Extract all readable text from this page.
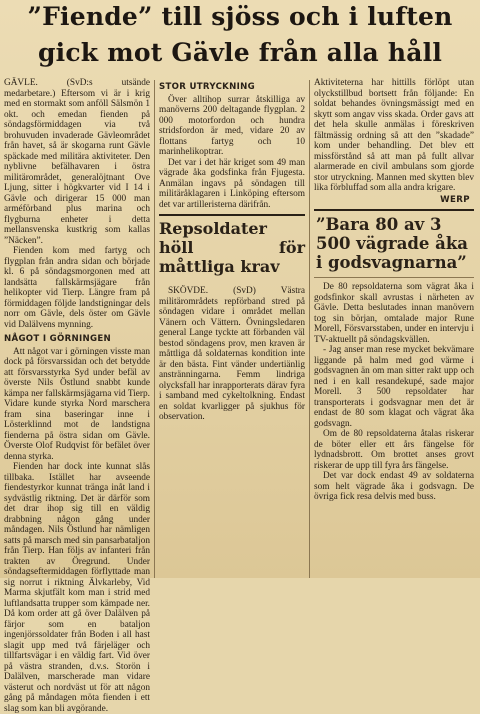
”Fiende” till sjöss och i luften
gick mot Gävle från alla håll

GÄVLE. (SvD:s utsände medarbetare.) Eftersom vi är i krig med en stormakt som anföll Sälsmön 1 okt. och emedan fienden på söndagsförmiddagen via två brohuvuden invaderade Gävleområdet från havet, så är skogarna runt Gävle späckade med militära aktiviteter. Den nyblivne befälhavaren i östra militärområdet, generalöjtnant Ove Ljung, sitter i högkvarter vid I 14 i Gävle och dirigerar 15 000 man arméförband plus marina och flygburna enheter i detta mellansvenska kustkrig som kallas ”Näcken”.

Fienden kom med fartyg och flygplan från andra sidan och började kl. 6 på söndagsmorgonen med att landsätta fallskärmsjägare från helikopter vid Tierp. Längre fram på förmiddagen följde landstigningar dels norr om Gävle, dels öster om Gävle vid Dalälvens mynning.

NÅGOT I GÖRNINGEN

Att något var i görningen visste man dock på försvarssidan och det betydde att försvarsstyrka Syd under befäl av överste Nils Östlund snabbt kunde kämpa ner fallskärmsjägarna vid Tierp. Vidare kunde styrka Nord marschera fram sina baseringar inne i Lösterklinnd mot de landstigna fienderna på östra sidan om Gävle. Överste Olof Rudqvist för befälet över denna styrka.

Fienden har dock inte kunnat slås tillbaka. Istället har avseende fiendestyrkor kunnat tränga inåt land i sydvästlig riktning. Det är därför som det drar ihop sig till en väldig drabbning någon gång under måndagen. Nils Östlund har nämligen satts på marsch med sin pansarbataljon från Tierp. Han följs av infanteri från trakten av Öregrund. Under söndagseftermiddagen förflyttade man sig norrut i riktning Älvkarleby, Vid Marma skjutfält kom man i strid med luftlandsatta trupper som kämpade ner. Då kom order att gå över Dalälven på färjor som en bataljon ingenjörssoldater från Boden i all hast slagit upp med två färjeläger och tillfartsvägar i en väldig fart. Vid över på västra stranden, d.v.s. Storön i Dalälven, marscherade man vidare västerut och nordväst ut för att någon gång på måndagen möta fienden i ett slag som kan bli avgörande.

STOR UTRYCKNING

Över alltihop surrar åtskilliga av manöverns 200 deltagande flygplan. 2 000 motorfordon och hundra stridsfordon är med, vidare 20 av flottans fartyg och 10 marinhelikoptrar.

Det var i det här kriget som 49 man vägrade åka godsfinka från Fjugesta. Anmälan ingavs på söndagen till militäråklagaren i Linköping eftersom det var artilleristerna därifrån.

Repsoldater höll för måttliga krav

SKÖVDE. (SvD) Västra militärområdets repförband stred på söndagen vidare i området mellan Vänern och Vättern. Övningsledaren general Lange tyckte att förbanden väl bestod söndagens prov, men kraven är måttliga då soldaternas kondition inte är den bästa. Fint vänder undertiänlig anstränningarna. Femm lindriga olycksfall har inrapporterats därav fyra i samband med cykeltolkning. Endast en soldat kvarligger på sjukhus för observation.

Aktiviteterna har hittills förlöpt utan olyckstillbud bortsett från följande: En soldat behandes övningsmässigt med en skytt som angav viss skada. Order gavs att det hela skulle anmälas i föreskriven fältmässig ordning så att den ”skadade” kom under behandling. Det blev ett missförstånd så att man på fullt allvar alarmerade en civil ambulans som gjorde stor utryckning. Mannen med skytten blev lika förbluffad som alla andra krigare.

WERP
”Bara 80 av 3 500 vägrade åka i godsvagnarna”

De 80 repsoldaterna som vägrat åka i godsfinkor skall avrustas i närheten av Gävle. Detta beslutades innan manövern tog sin början, omtalade major Rune Morell, Försvarsstaben, under en intervju i TV-aktuellt på söndagskvällen.

- Jag anser man rese mycket bekvämare liggande på halm med god värme i godsvagnen än om man sitter rakt upp och ned i en kall resandekupé, sade major Morell. 3 500 repsoldater har transporterats i godsvagnar men det är endast de 80 som klagat och vägrat åka godsvagn.

Om de 80 repsoldaterna åtalas riskerar de böter eller ett års fängelse för lydnadsbrott. Om brottet anses grovt riskerar de upp till fyra års fängelse.

Det var dock endast 49 av soldaterna som helt vägrade åka i godsvagn. De övriga fick resa delvis med buss.
